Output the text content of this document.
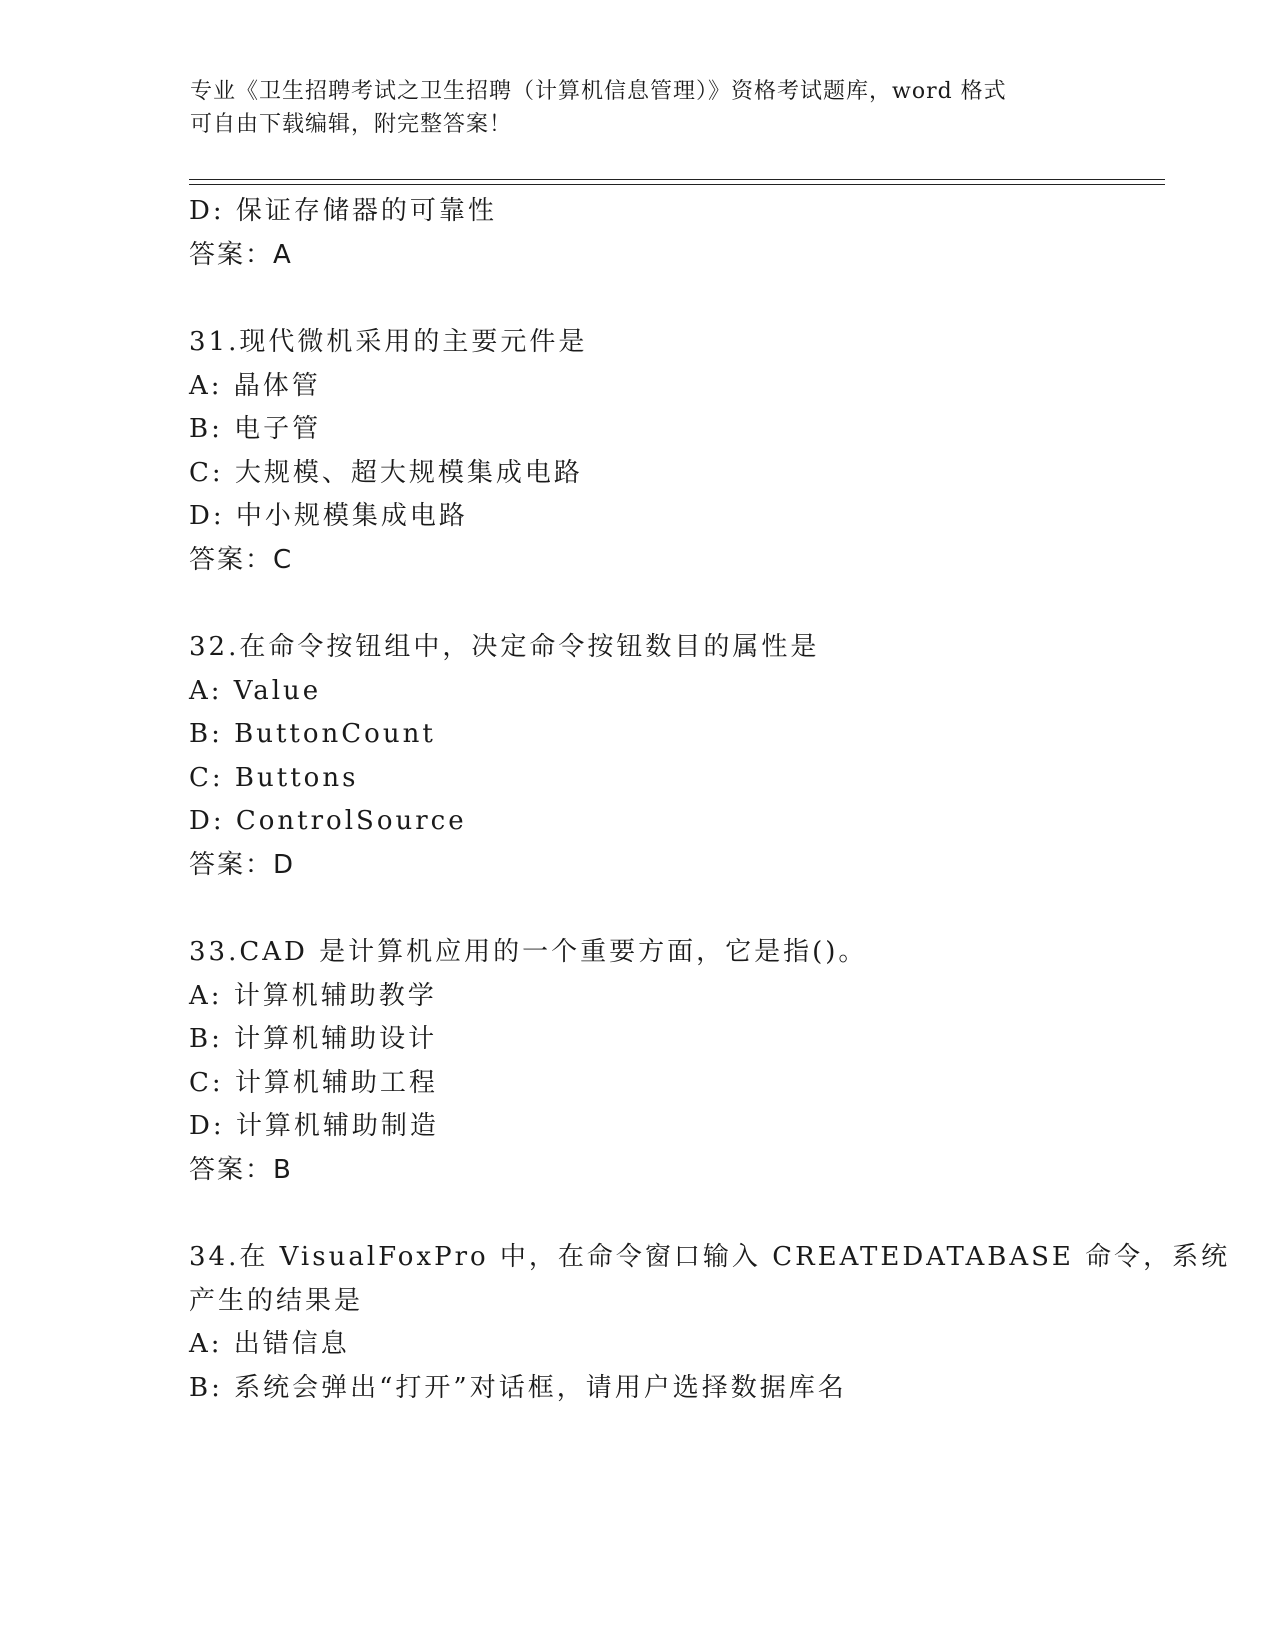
专业《卫生招聘考试之卫生招聘（计算机信息管理）》资格考试题库，word 格式
可自由下载编辑，附完整答案！
D: 保证存储器的可靠性
答案：A
31.现代微机采用的主要元件是
A: 晶体管
B: 电子管
C: 大规模、超大规模集成电路
D: 中小规模集成电路
答案：C
32.在命令按钮组中，决定命令按钮数目的属性是
A: Value
B: ButtonCount
C: Buttons
D: ControlSource
答案：D
33.CAD 是计算机应用的一个重要方面，它是指()。
A: 计算机辅助教学
B: 计算机辅助设计
C: 计算机辅助工程
D: 计算机辅助制造
答案：B
34.在 VisualFoxPro 中，在命令窗口输入 CREATEDATABASE 命令，系统
产生的结果是
A: 出错信息
B: 系统会弹出“打开”对话框，请用户选择数据库名
